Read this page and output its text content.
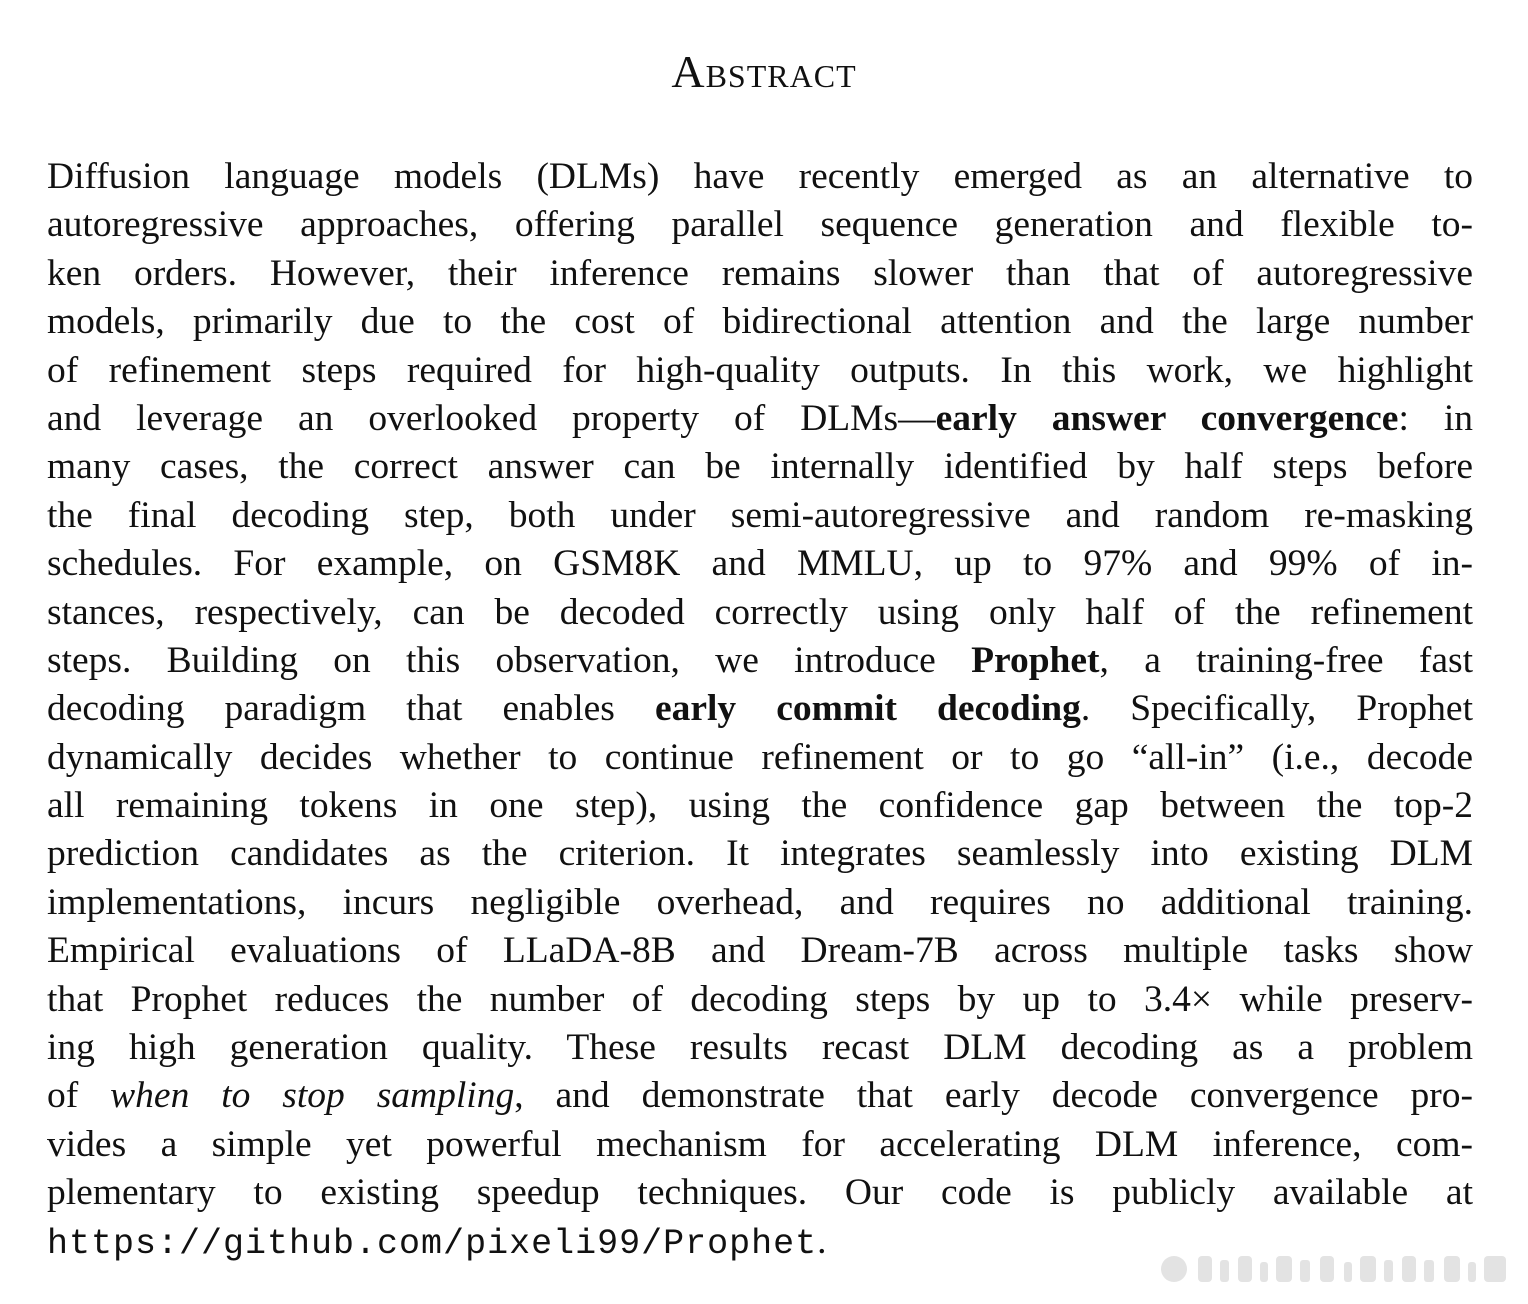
Abstract
Diffusion language models (DLMs) have recently emerged as an alternative to
autoregressive approaches, offering parallel sequence generation and flexible to-
ken orders. However, their inference remains slower than that of autoregressive
models, primarily due to the cost of bidirectional attention and the large number
of refinement steps required for high-quality outputs. In this work, we highlight
and leverage an overlooked property of DLMs—early answer convergence: in
many cases, the correct answer can be internally identified by half steps before
the final decoding step, both under semi-autoregressive and random re-masking
schedules. For example, on GSM8K and MMLU, up to 97% and 99% of in-
stances, respectively, can be decoded correctly using only half of the refinement
steps. Building on this observation, we introduce Prophet, a training-free fast
decoding paradigm that enables early commit decoding. Specifically, Prophet
dynamically decides whether to continue refinement or to go “all-in” (i.e., decode
all remaining tokens in one step), using the confidence gap between the top-2
prediction candidates as the criterion. It integrates seamlessly into existing DLM
implementations, incurs negligible overhead, and requires no additional training.
Empirical evaluations of LLaDA-8B and Dream-7B across multiple tasks show
that Prophet reduces the number of decoding steps by up to 3.4× while preserv-
ing high generation quality. These results recast DLM decoding as a problem
of when to stop sampling, and demonstrate that early decode convergence pro-
vides a simple yet powerful mechanism for accelerating DLM inference, com-
plementary to existing speedup techniques. Our code is publicly available at
https://github.com/pixeli99/Prophet.
